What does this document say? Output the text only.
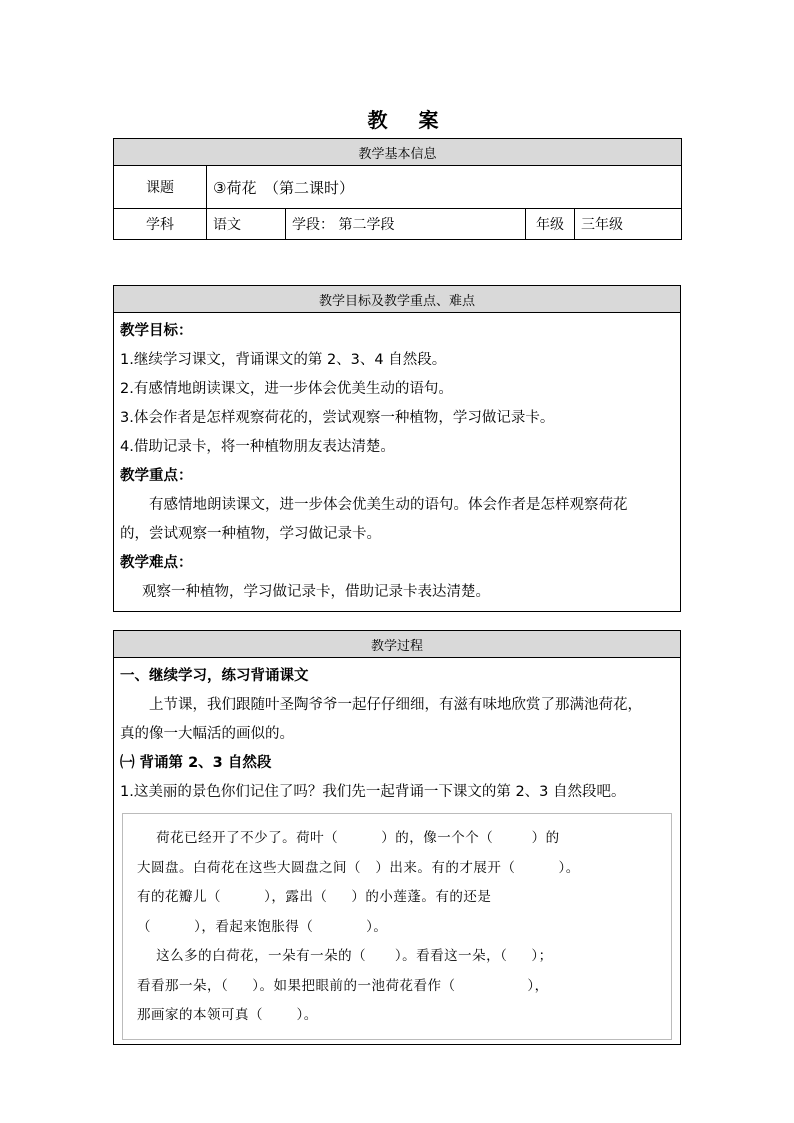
教 案
教学基本信息				
课题	③荷花　（第二课时）			
学科	语文	学段： 第二学段	年级	三年级
教学目标及教学重点、难点

教学目标：

1.继续学习课文，背诵课文的第 2、3、4 自然段。

2.有感情地朗读课文，进一步体会优美生动的语句。

3.体会作者是怎样观察荷花的，尝试观察一种植物，学习做记录卡。

4.借助记录卡，将一种植物朋友表达清楚。

教学重点：

有感情地朗读课文，进一步体会优美生动的语句。体会作者是怎样观察荷花

的，尝试观察一种植物，学习做记录卡。

教学难点：

观察一种植物，学习做记录卡，借助记录卡表达清楚。

教学过程

一、继续学习，练习背诵课文

上节课，我们跟随叶圣陶爷爷一起仔仔细细，有滋有味地欣赏了那满池荷花，

真的像一大幅活的画似的。

㈠ 背诵第 2、3 自然段

1.这美丽的景色你们记住了吗？我们先一起背诵一下课文的第 2、3 自然段吧。

荷花已经开了不少了。荷叶（         ）的，像一个个（        ）的

大圆盘。白荷花在这些大圆盘之间（   ）出来。有的才展开（         ）。

有的花瓣儿（         ），露出（     ）的小莲蓬。有的还是

（         ），看起来饱胀得（           ）。

这么多的白荷花，一朵有一朵的（      ）。看看这一朵，（     ）；

看看那一朵，（     ）。如果把眼前的一池荷花看作（               ），

那画家的本领可真（       ）。
